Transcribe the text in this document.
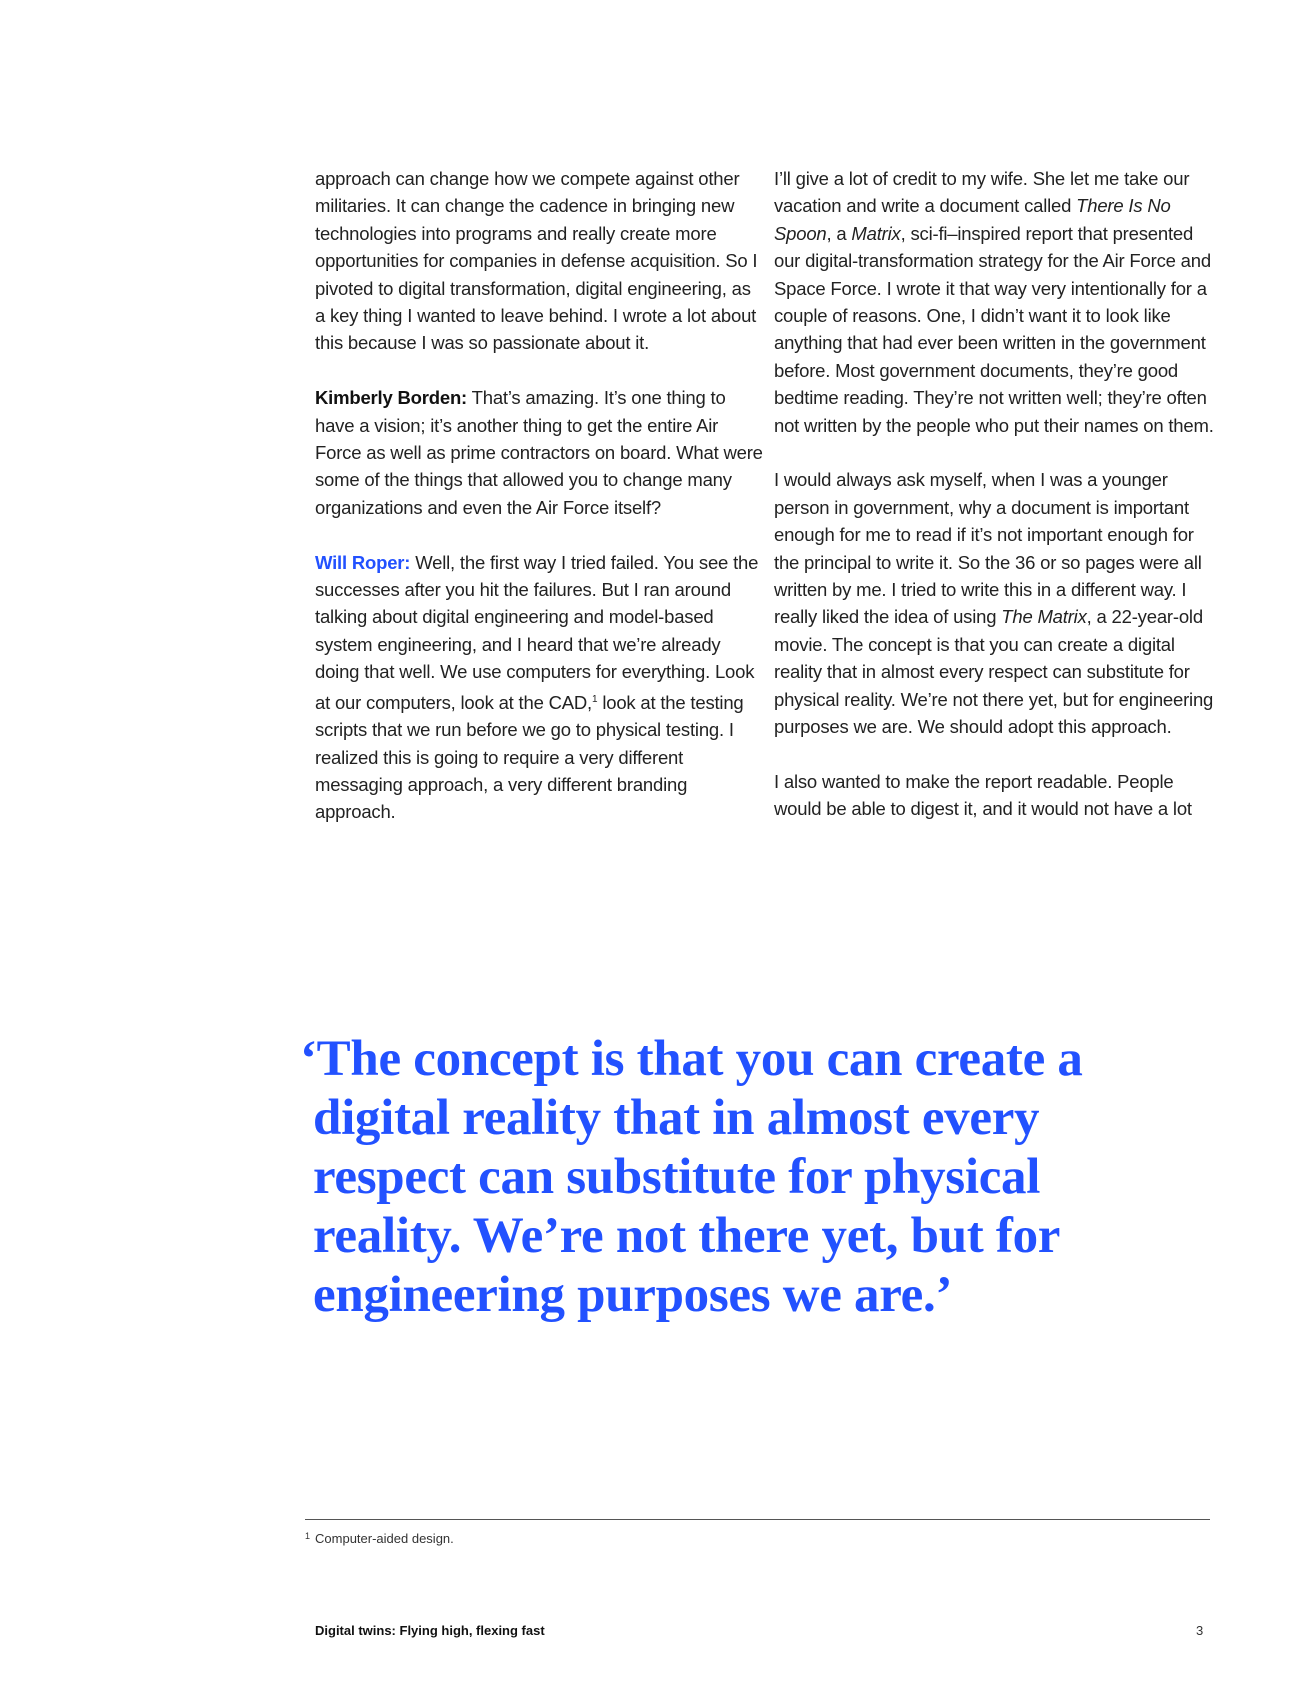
approach can change how we compete against other militaries. It can change the cadence in bringing new technologies into programs and really create more opportunities for companies in defense acquisition. So I pivoted to digital transformation, digital engineering, as a key thing I wanted to leave behind. I wrote a lot about this because I was so passionate about it.

Kimberly Borden: That’s amazing. It’s one thing to have a vision; it’s another thing to get the entire Air Force as well as prime contractors on board. What were some of the things that allowed you to change many organizations and even the Air Force itself?

Will Roper: Well, the first way I tried failed. You see the successes after you hit the failures. But I ran around talking about digital engineering and model-based system engineering, and I heard that we’re already doing that well. We use computers for everything. Look at our computers, look at the CAD,$^1$ look at the testing scripts that we run before we go to physical testing. I realized this is going to require a very different messaging approach, a very different branding approach.

I’ll give a lot of credit to my wife. She let me take our vacation and write a document called There Is No Spoon, a Matrix, sci-fi–inspired report that presented our digital-transformation strategy for the Air Force and Space Force. I wrote it that way very intentionally for a couple of reasons. One, I didn’t want it to look like anything that had ever been written in the government before. Most government documents, they’re good bedtime reading. They’re not written well; they’re often not written by the people who put their names on them.

I would always ask myself, when I was a younger person in government, why a document is important enough for me to read if it’s not important enough for the principal to write it. So the 36 or so pages were all written by me. I tried to write this in a different way. I really liked the idea of using The Matrix, a 22-year-old movie. The concept is that you can create a digital reality that in almost every respect can substitute for physical reality. We’re not there yet, but for engineering purposes we are. We should adopt this approach.

I also wanted to make the report readable. People would be able to digest it, and it would not have a lot

‘The concept is that you can create a digital reality that in almost every respect can substitute for physical reality. We’re not there yet, but for engineering purposes we are.’
$^1$ Computer-aided design.
Digital twins: Flying high, flexing fast	3
